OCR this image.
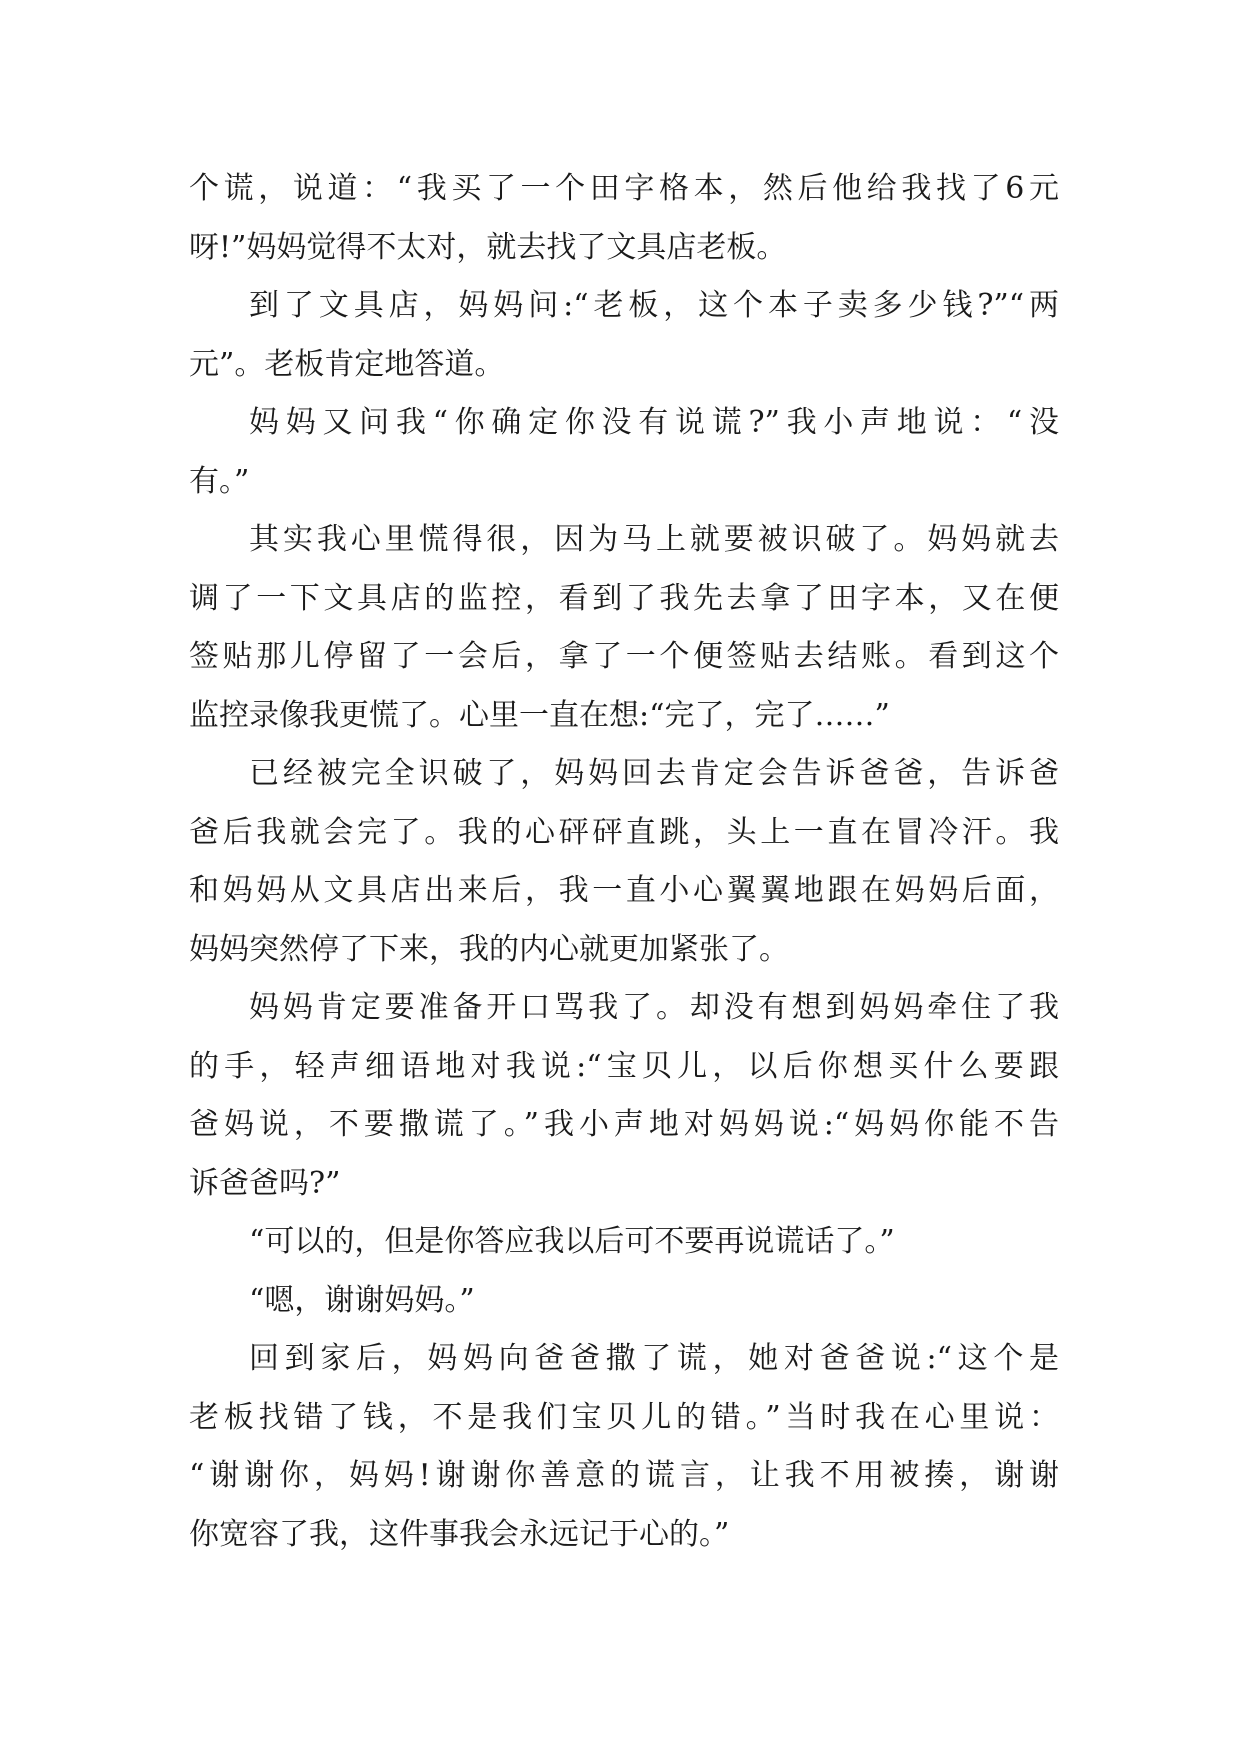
个谎，说道：“我买了一个田字格本，然后他给我找了6元
呀!”妈妈觉得不太对，就去找了文具店老板。
到了文具店，妈妈问:“老板，这个本子卖多少钱?”“两
元”。老板肯定地答道。
妈妈又问我“你确定你没有说谎?”我小声地说：“没
有。”
其实我心里慌得很，因为马上就要被识破了。妈妈就去
调了一下文具店的监控，看到了我先去拿了田字本，又在便
签贴那儿停留了一会后，拿了一个便签贴去结账。看到这个
监控录像我更慌了。心里一直在想:“完了，完了……”
已经被完全识破了，妈妈回去肯定会告诉爸爸，告诉爸
爸后我就会完了。我的心砰砰直跳，头上一直在冒冷汗。我
和妈妈从文具店出来后，我一直小心翼翼地跟在妈妈后面，
妈妈突然停了下来，我的内心就更加紧张了。
妈妈肯定要准备开口骂我了。却没有想到妈妈牵住了我
的手，轻声细语地对我说:“宝贝儿，以后你想买什么要跟
爸妈说，不要撒谎了。”我小声地对妈妈说:“妈妈你能不告
诉爸爸吗?”
“可以的，但是你答应我以后可不要再说谎话了。”
“嗯，谢谢妈妈。”
回到家后，妈妈向爸爸撒了谎，她对爸爸说:“这个是
老板找错了钱，不是我们宝贝儿的错。”当时我在心里说：
“谢谢你，妈妈!谢谢你善意的谎言，让我不用被揍，谢谢
你宽容了我，这件事我会永远记于心的。”
